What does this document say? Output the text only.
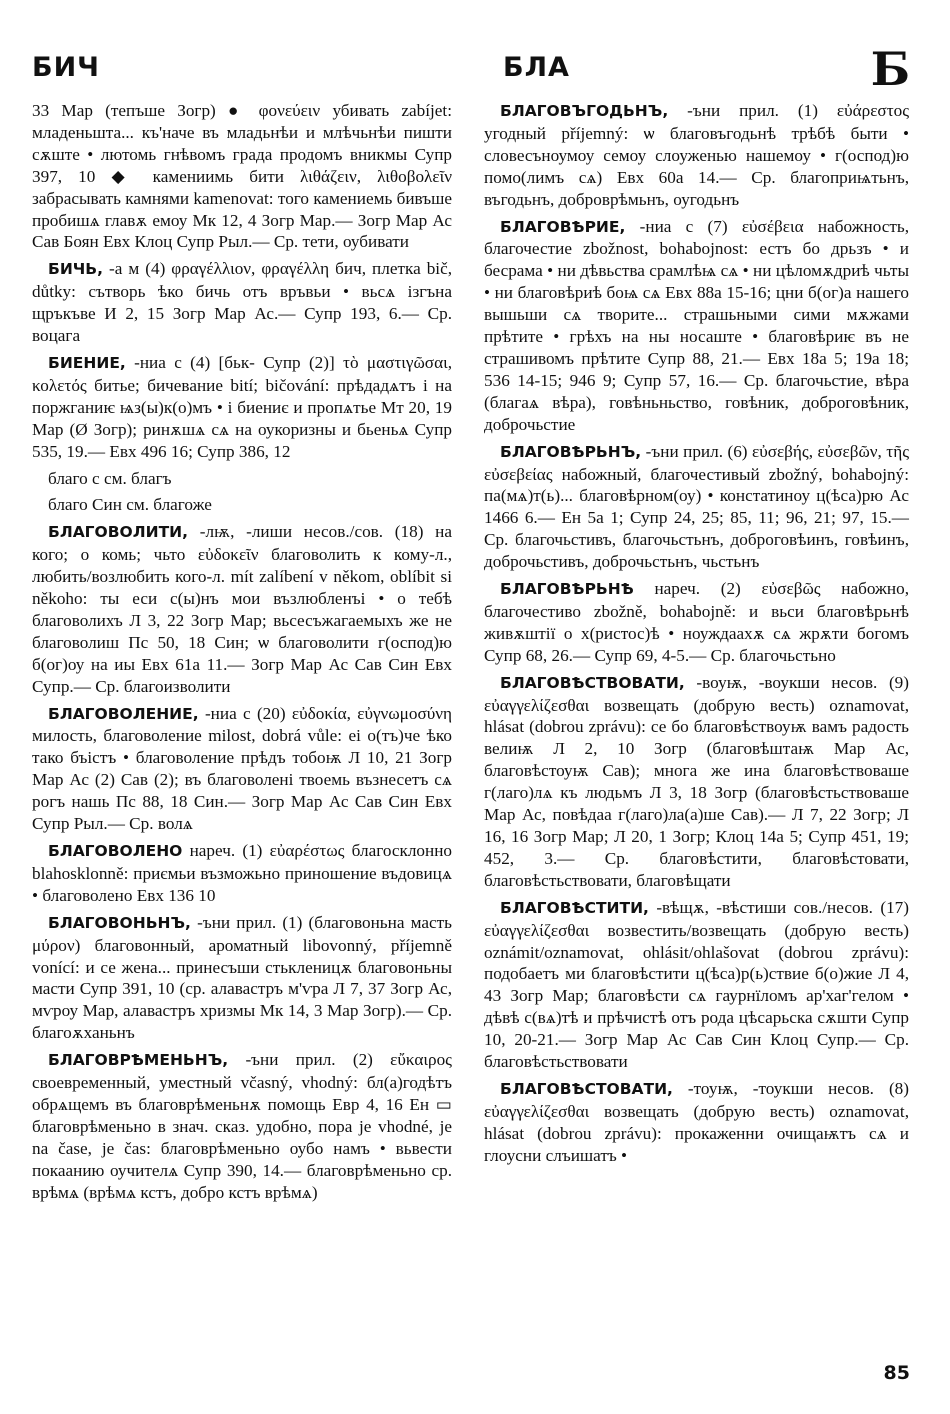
БИЧ	БЛА	Б

33 Мар (тепъше Зогр) ● φονεύειν убивать zabíjet: младеньшта... къ'наче въ младьнѣи и млѣчьнѣи пишти сѫште • лютомь гнѣвомъ града продомъ вникмы Супр 397, 10 ◆ камениимь бити λιθάζειν, λιθοβολεῖν забрасывать камнями kamenovat: того камениемь бивъше пробишѧ главѫ емоу Мк 12, 4 Зогр Мар.— Зогр Мар Ас Сав Боян Евх Клоц Супр Рыл.— Ср. тети, оубивати

БИЧЬ, -а м (4) φραγέλλιον, φραγέλλη бич, плетка bič, důtky: сътворь ѣко бичь отъ връвьи • вьсѧ ізгъна щръкъве И 2, 15 Зогр Мар Ас.— Супр 193, 6.— Ср. воцага

БИЕНИЕ, -ниа с (4) [бьк- Супр (2)] τὸ μαστιγῶσαι, κολετός битье; бичевание bití; bičování: прѣдадѧтъ і на поржганиѥ ѩз(ы)к(о)мъ • і биениє и пропѧтье Мт 20, 19 Мар (Ø Зогр); ринѫшѧ сѧ на оукоризны и бьеньѧ Супр 535, 19.— Евх 496 16; Супр 386, 12

благо с см. благъ

благо Син см. благоже

БЛАГОВОЛИТИ, -лѭ, -лиши несов./сов. (18) на кого; о комь; чьто εὐδοκεῖν благоволить к кому-л., любить/возлюбить кого-л. mít zalíbení v někom, oblíbit si někoho: ты еси с(ы)нъ мои възлюбленъі • о тебѣ благоволихъ Л 3, 22 Зогр Мар; вьсесъжагаемыхъ же не благоволиш Пс 50, 18 Син; ѡ благоволити г(оспод)ю б(ог)оу на иы Евх 61а 11.— Зогр Мар Ас Сав Син Евх Супр.— Ср. благоизволити

БЛАГОВОЛЕНИЕ, -ниа с (20) εὐδοκία, εὐγνωμοσύνη милость, благоволение milost, dobrá vůle: еі о(тъ)че ѣко тако бъістъ • благоволение прѣдъ тобоѭ Л 10, 21 Зогр Мар Ас (2) Сав (2); въ благоволені твоемь възнесетъ сѧ рогъ нашь Пс 88, 18 Син.— Зогр Мар Ас Сав Син Евх Супр Рыл.— Ср. волѧ

БЛАГОВОЛЕНО нареч. (1) εὐαρέστως благосклонно blahosklonně: приємьи възможьно приношение въдовицѧ • благоволено Евх 136 10

БЛАГОВОНЬНЪ, -ъни прил. (1) (благовоньна масть μύρον) благовонный, ароматный libovonný, příjemně vonící: и се жена... принесъши стькленицѫ благовоньны масти Супр 391, 10 (ср. алавастръ м'ѵра Л 7, 37 Зогр Ас, мѵроу Мар, алавастръ хризмы Мк 14, 3 Мар Зогр).— Ср. благоѫханьнъ

БЛАГОВРѢМЕНЬНЪ, -ъни прил. (2) εὔκαιρος своевременный, уместный včasný, vhodný: бл(а)годѣтъ обрѧщемъ въ благоврѣменьнѫ помощь Евр 4, 16 Ен ▭ благоврѣменьно в знач. сказ. удобно, пора je vhodné, je na čase, je čas: благоврѣменьно оубо намъ • вьвести покаанию оучителѧ Супр 390, 14.— благоврѣменьно ср. врѣмѧ (врѣмѧ кстъ, добро кстъ врѣмѧ)

БЛАГОВЪГОДЬНЪ, -ъни прил. (1) εὐάρεστος угодный příjemný: ѡ благовъгодьнѣ трѣбѣ быти • словесъноумоу семоу слоуженью нашемоу • г(оспод)ю помо(лимъ сѧ) Евх 60а 14.— Ср. благоприѩтьнъ, въгодьнъ, доброврѣмьнъ, оугодьнъ

БЛАГОВѢРИЕ, -ниа с (7) εὐσέβεια набожность, благочестие zbožnost, bohabojnost: естъ бо дрьзъ • и бесрама • ни дѣвьства срамлѣѩ сѧ • ни цѣломѫдриѣ чьты • ни благовѣриѣ боѩ сѧ Евх 88а 15-16; цни б(ог)а нашего вышьши сѧ творите... страшьными сими мѫжами прѣтите • грѣхъ на ны носаште • благовѣриѥ въ не страшивомъ прѣтите Супр 88, 21.— Евх 18а 5; 19а 18; 536 14-15; 946 9; Супр 57, 16.— Ср. благочьстие, вѣра (благаѧ вѣра), говѣньньство, говѣник, доброговѣник, доброчьстие

БЛАГОВѢРЬНЪ, -ъни прил. (6) εὐσεβής, εὐσεβῶν, τῆς εὐσεβείας набожный, благочестивый zbožný, bohabojný: па(мѧ)т(ь)... благовѣрном(оу) • констатиноу ц(ѣса)рю Ас 1466 6.— Ен 5а 1; Супр 24, 25; 85, 11; 96, 21; 97, 15.— Ср. благочьстивъ, благочьстьнъ, доброговѣинъ, говѣинъ, доброчьстивъ, доброчьстьнъ, чьстьнъ

БЛАГОВѢРЬНѢ нареч. (2) εὐσεβῶς набожно, благочестиво zbožně, bohabojně: и вьси благовѣрьнѣ живѫштії о х(ристос)ѣ • ноуждаахѫ сѧ жрѫти богомъ Супр 68, 26.— Супр 69, 4-5.— Ср. благочьстьно

БЛАГОВѢСТВОВАТИ, -воуѭ, -воукши несов. (9) εὐαγγελίζεσθαι возвещать (добрую весть) oznamovat, hlásat (dobrou zprávu): се бо благовѣствоуѭ вамъ радость велиѭ Л 2, 10 Зогр (благовѣштаѭ Мар Ас, благовѣстоуѭ Сав); многа же ина благовѣствоваше г(лаго)лѧ къ людьмъ Л 3, 18 Зогр (благовѣстьствоваше Мар Ас, повѣдаа г(лаго)ла(а)ше Сав).— Л 7, 22 Зогр; Л 16, 16 Зогр Мар; Л 20, 1 Зогр; Клоц 14а 5; Супр 451, 19; 452, 3.— Ср. благовѣстити, благовѣстовати, благовѣстьствовати, благовѣщати

БЛАГОВѢСТИТИ, -вѣщѫ, -вѣстиши сов./несов. (17) εὐαγγελίζεσθαι возвестить/возвещать (добрую весть) oznámit/oznamovat, ohlásit/ohlašovat (dobrou zprávu): подобаетъ ми благовѣстити ц(ѣса)р(ь)ствие б(о)жие Л 4, 43 Зогр Мар; благовѣсти сѧ гаурнїломъ ар'хаг'гелом • дѣвѣ с(вѧ)тѣ и прѣчистѣ отъ рода цѣсарьска сѫшти Супр 10, 20-21.— Зогр Мар Ас Сав Син Клоц Супр.— Ср. благовѣстьствовати

БЛАГОВѢСТОВАТИ, -тоуѭ, -тоукши несов. (8) εὐαγγελίζεσθαι возвещать (добрую весть) oznamovat, hlásat (dobrou zprávu): прокаженни очищаѭтъ сѧ и глоусни слъишатъ •

85
